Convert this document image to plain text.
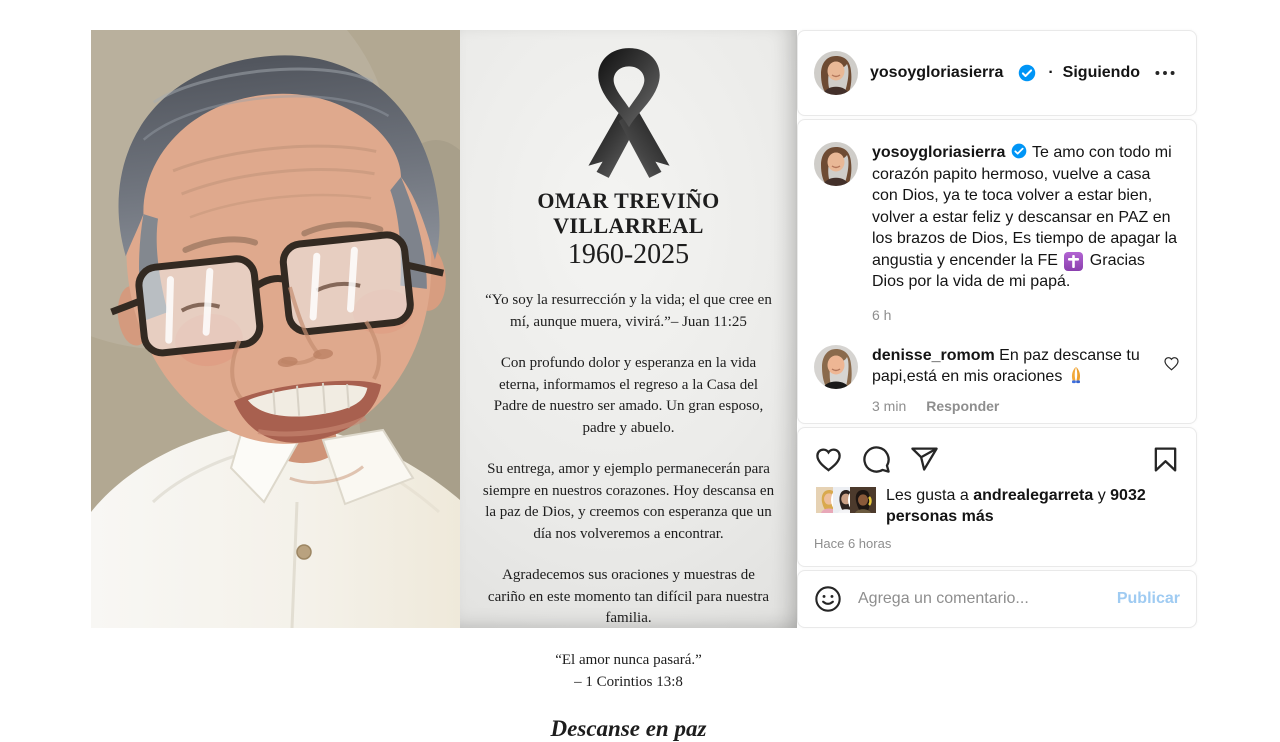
OMAR TREVIÑO VILLARREAL
1960-2025

“Yo soy la resurrección y la vida; el que cree en mí, aunque muera, vivirá.”– Juan 11:25

Con profundo dolor y esperanza en la vida eterna, informamos el regreso a la Casa del Padre de nuestro ser amado. Un gran esposo, padre y abuelo.

Su entrega, amor y ejemplo permanecerán para siempre en nuestros corazones. Hoy descansa en la paz de Dios, y creemos con esperanza que un día nos volveremos a encontrar.

Agradecemos sus oraciones y muestras de cariño en este momento tan difícil para nuestra familia.

“El amor nunca pasará.”
– 1 Corintios 13:8

Descanse en paz
yosoygloriasierra	· Siguiendo
yosoygloriasierra Te amo con todo mi corazón papito hermoso, vuelve a casa con Dios, ya te toca volver a estar bien, volver a estar feliz y descansar en PAZ en los brazos de Dios, Es tiempo de apagar la angustia y encender la FE Gracias Dios por la vida de mi papá.
6 h
denisse_romom En paz descanse tu papi,está en mis oraciones
3 min Responder
Les gusta a andrealegarreta y 9032 personas más
Hace 6 horas
Agrega un comentario...
Publicar
